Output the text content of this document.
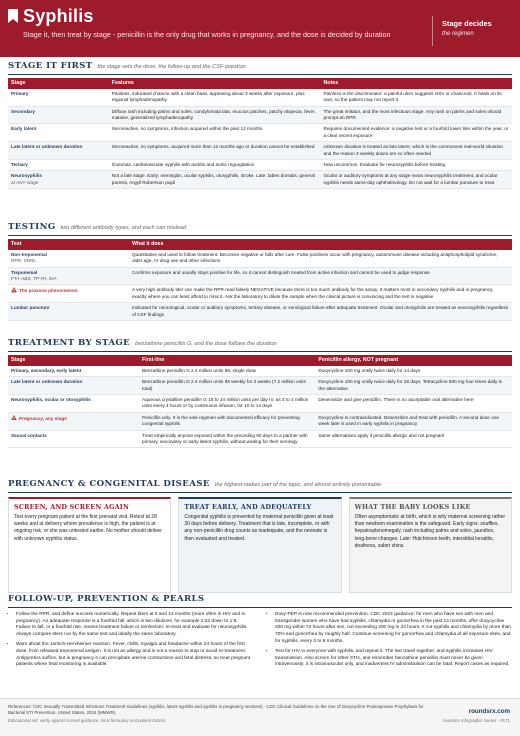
Syphilis
Stage it, then treat by stage - penicillin is the only drug that works in pregnancy, and the dose is decided by duration
Stage decides
the regimen
STAGE IT FIRST the stage sets the dose, the follow-up and the CSF question
Stage	Features	Notes
Primary	Painless, indurated chancre with a clean base, appearing about 3 weeks after exposure, plus regional lymphadenopathy	Painless is the discriminator: a painful ulcer suggests HSV or chancroid. It heals on its own, so the patient may not report it
Secondary	Diffuse rash including palms and soles, condylomata lata, mucous patches, patchy alopecia, fever, malaise, generalized lymphadenopathy	The great imitator, and the most infectious stage. Any rash on palms and soles should prompt an RPR
Early latent	Seroreactive, no symptoms, infection acquired within the past 12 months	Requires documented evidence: a negative test or a fourfold lower titer within the year, or a clear recent exposure
Late latent or unknown duration	Seroreactive, no symptoms, acquired more than 12 months ago or duration cannot be established	Unknown duration is treated as late latent, which is the commonest real-world situation and the reason 3 weekly doses are so often needed
Tertiary	Gummas, cardiovascular syphilis with aortitis and aortic regurgitation	Now uncommon. Evaluate for neurosyphilis before treating
Neurosyphilis
at ANY stage	Not a late stage. Early: meningitis, ocular syphilis, otosyphilis, stroke. Late: tabes dorsalis, general paresis, Argyll Robertson pupil	Ocular or auditory symptoms at any stage mean neurosyphilis treatment, and ocular syphilis needs same-day ophthalmology. Do not wait for a lumbar puncture to treat
TESTING two different antibody types, and each can mislead
Test	What it does
Non-treponemal
RPR, VDRL	Quantitative and used to follow treatment. Becomes negative or falls after cure. False positives occur with pregnancy, autoimmune disease including antiphospholipid syndrome, older age, IV drug use and other infections
Treponemal
FTA-ABS, TP-PA, EIA	Confirms exposure and usually stays positive for life, so it cannot distinguish treated from active infection and cannot be used to judge response
The prozone phenomenon	A very high antibody titer can make the RPR read falsely NEGATIVE because there is too much antibody for the assay. It matters most in secondary syphilis and in pregnancy, exactly where you can least afford to miss it. Ask the laboratory to dilute the sample when the clinical picture is convincing and the test is negative
Lumbar puncture	Indicated for neurological, ocular or auditory symptoms, tertiary disease, or serological failure after adequate treatment. Ocular and otosyphilis are treated as neurosyphilis regardless of CSF findings
TREATMENT BY STAGE benzathine penicillin G, and the dose follows the duration
Stage	First-line	Penicillin allergy, NOT pregnant
Primary, secondary, early latent	Benzathine penicillin G 2.4 million units IM, single dose	Doxycycline 100 mg orally twice daily for 14 days
Late latent or unknown duration	Benzathine penicillin G 2.4 million units IM weekly for 3 weeks (7.2 million units total)	Doxycycline 100 mg orally twice daily for 28 days. Tetracycline 500 mg four times daily is the alternative
Neurosyphilis, ocular or otosyphilis	Aqueous crystalline penicillin G 18 to 24 million units per day IV, as 3 to 4 million units every 4 hours or by continuous infusion, for 10 to 14 days	Desensitize and give penicillin. There is no acceptable oral alternative here
Pregnancy, any stage	Penicillin only. It is the sole regimen with documented efficacy for preventing congenital syphilis	Doxycycline is contraindicated. Desensitize and treat with penicillin. A second dose one week later is used in early syphilis in pregnancy
Sexual contacts	Treat empirically anyone exposed within the preceding 90 days to a partner with primary, secondary or early latent syphilis, without waiting for their serology	Same alternatives apply if penicillin allergic and not pregnant
PREGNANCY & CONGENITAL DISEASE the highest-stakes part of the topic, and almost entirely preventable
SCREEN, AND SCREEN AGAIN
Test every pregnant patient at the first prenatal visit. Retest at 28 weeks and at delivery where prevalence is high, the patient is at ongoing risk, or she was untested earlier. No mother should deliver with unknown syphilis status.
TREAT EARLY, AND ADEQUATELY
Congenital syphilis is prevented by maternal penicillin given at least 30 days before delivery. Treatment that is late, incomplete, or with any non-penicillin drug counts as inadequate, and the neonate is then evaluated and treated.
WHAT THE BABY LOOKS LIKE
Often asymptomatic at birth, which is why maternal screening rather than newborn examination is the safeguard. Early signs: snuffles, hepatosplenomegaly, rash including palms and soles, jaundice, long-bone changes. Late: Hutchinson teeth, interstitial keratitis, deafness, saber shins.
FOLLOW-UP, PREVENTION & PEARLS
• Follow the RPR, and define success numerically. Repeat titers at 6 and 12 months (more often in HIV and in pregnancy). An adequate response is a fourfold fall, which is two dilutions, for example 1:32 down to 1:8. Failure to fall, or a fourfold rise, means treatment failure or reinfection: re-treat and evaluate for neurosyphilis. Always compare titers run by the same test and ideally the same laboratory.
• Warn about the Jarisch-Herxheimer reaction. Fever, chills, myalgia and headache within 24 hours of the first dose, from released treponemal antigen. It is not an allergy and is not a reason to stop or avoid re-treatment. Antipyretics suffice, but in pregnancy it can precipitate uterine contractions and fetal distress, so treat pregnant patients where fetal monitoring is available.
• Doxy-PEP is now recommended prevention. CDC 2024 guidance: for men who have sex with men and transgender women who have had syphilis, chlamydia or gonorrhea in the past 12 months, offer doxycycline 200 mg within 72 hours after sex, not exceeding 200 mg in 24 hours. It cut syphilis and chlamydia by more than 70% and gonorrhea by roughly half. Continue screening for gonorrhea and chlamydia at all exposure sites, and for syphilis, every 3 to 6 months.
• Test for HIV in everyone with syphilis, and repeat it. The two travel together, and syphilis increases HIV transmission. Also screen for other STIs, and remember benzathine penicillin must never be given intravenously: it is intramuscular only, and inadvertent IV administration can be fatal. Report cases as required.
References: CDC Sexually Transmitted Infections Treatment Guidelines (syphilis, latent syphilis and syphilis in pregnancy sections) · CDC Clinical Guidelines on the Use of Doxycycline Postexposure Prophylaxis for Bacterial STI Prevention, United States, 2024 (MMWR).
Educational aid; verify against current guidance, local formulary and patient factors.
roundsrx.com
roundsrx Infographic Series · #171
